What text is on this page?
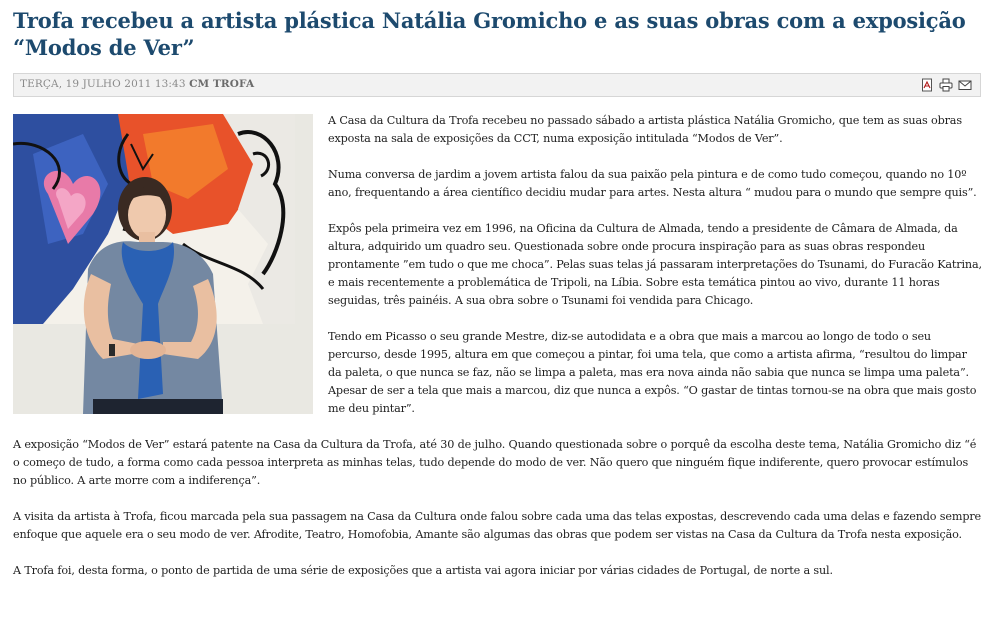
Trofa recebeu a artista plástica Natália Gromicho e as suas obras com a exposição “Modos de Ver”
TERÇA, 19 JULHO 2011 13:43 CM TROFA

A Casa da Cultura da Trofa recebeu no passado sábado a artista plástica Natália Gromicho, que tem as suas obras exposta na sala de exposições da CCT, numa exposição intitulada “Modos de Ver”.

Numa conversa de jardim a jovem artista falou da sua paixão pela pintura e de como tudo começou, quando no 10º ano, frequentando a área científico decidiu mudar para artes. Nesta altura “ mudou para o mundo que sempre quis”.

Expôs pela primeira vez em 1996, na Oficina da Cultura de Almada, tendo a presidente de Câmara de Almada, da altura, adquirido um quadro seu. Questionada sobre onde procura inspiração para as suas obras respondeu prontamente ”em tudo o que me choca”. Pelas suas telas já passaram interpretações do Tsunami, do Furacão Katrina, e mais recentemente a problemática de Tripoli, na Líbia. Sobre esta temática pintou ao vivo, durante 11 horas seguidas, três painéis. A sua obra sobre o Tsunami foi vendida para Chicago.

Tendo em Picasso o seu grande Mestre, diz-se autodidata e a obra que mais a marcou ao longo de todo o seu percurso, desde 1995, altura em que começou a pintar, foi uma tela, que como a artista afirma, “resultou do limpar da paleta, o que nunca se faz, não se limpa a paleta, mas era nova ainda não sabia que nunca se limpa uma paleta”. Apesar de ser a tela que mais a marcou, diz que nunca a expôs. “O gastar de tintas tornou-se na obra que mais gosto me deu pintar”.

A exposição “Modos de Ver” estará patente na Casa da Cultura da Trofa, até 30 de julho. Quando questionada sobre o porquê da escolha deste tema, Natália Gromicho diz “é o começo de tudo, a forma como cada pessoa interpreta as minhas telas, tudo depende do modo de ver. Não quero que ninguém fique indiferente, quero provocar estímulos no público. A arte morre com a indiferença”.

A visita da artista à Trofa, ficou marcada pela sua passagem na Casa da Cultura onde falou sobre cada uma das telas expostas, descrevendo cada uma delas e fazendo sempre enfoque que aquele era o seu modo de ver. Afrodite, Teatro, Homofobia, Amante são algumas das obras que podem ser vistas na Casa da Cultura da Trofa nesta exposição.

A Trofa foi, desta forma, o ponto de partida de uma série de exposições que a artista vai agora iniciar por várias cidades de Portugal, de norte a sul.
